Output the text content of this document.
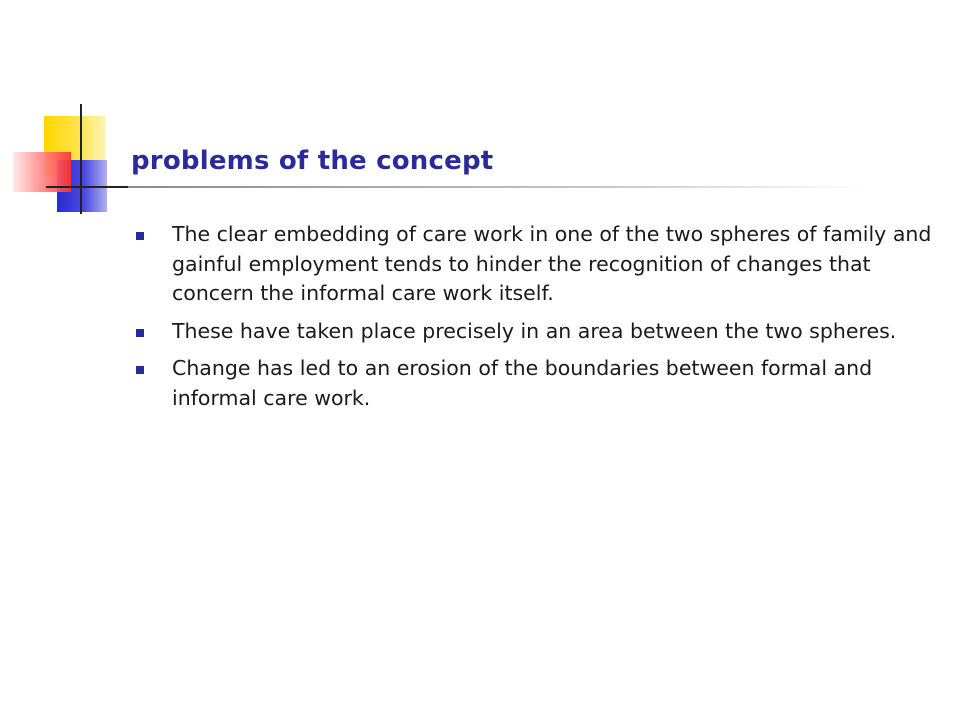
problems of the concept
The clear embedding of care work in one of the two spheres of family and gainful employment tends to hinder the recognition of changes that concern the informal care work itself.
These have taken place precisely in an area between the two spheres.
Change has led to an erosion of the boundaries between formal and informal care work.
